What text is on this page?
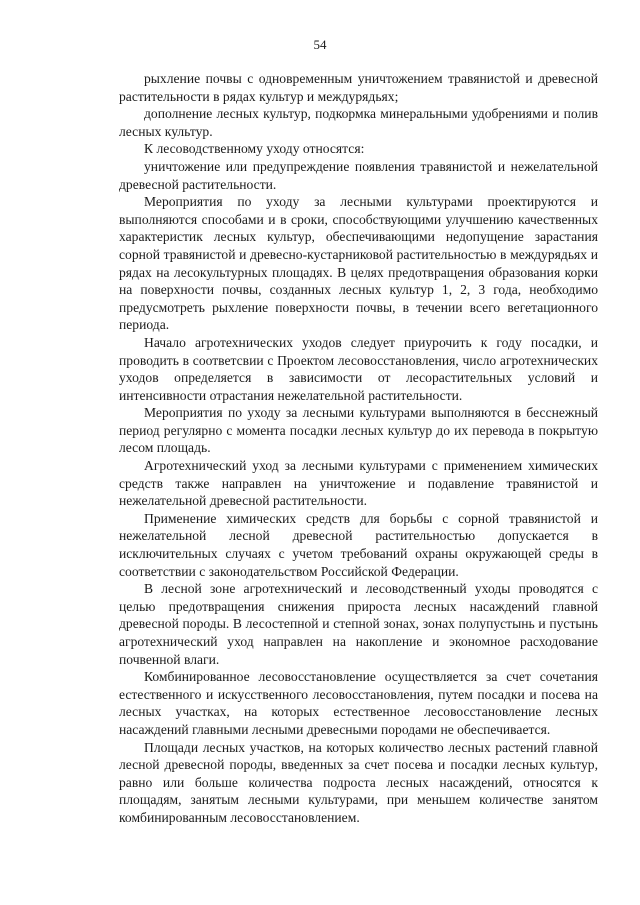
54

рыхление почвы с одновременным уничтожением травянистой и древесной растительности в рядах культур и междурядьях;

дополнение лесных культур, подкормка минеральными удобрениями и полив лесных культур.

К лесоводственному уходу относятся:

уничтожение или предупреждение появления травянистой и нежелательной древесной растительности.

Мероприятия по уходу за лесными культурами проектируются и выполняются способами и в сроки, способствующими улучшению качественных характеристик лесных культур, обеспечивающими недопущение зарастания сорной травянистой и древесно-кустарниковой растительностью в междурядьях и рядах на лесокультурных площадях. В целях предотвращения образования корки на поверхности почвы, созданных лесных культур 1, 2, 3 года, необходимо предусмотреть рыхление поверхности почвы, в течении всего вегетационного периода.

Начало агротехнических уходов следует приурочить к году посадки, и проводить в соответсвии с Проектом лесовосстановления, число агротехнических уходов определяется в зависимости от лесорастительных условий и интенсивности отрастания нежелательной растительности.

Мероприятия по уходу за лесными культурами выполняются в бесснежный период регулярно с момента посадки лесных культур до их перевода в покрытую лесом площадь.

Агротехнический уход за лесными культурами с применением химических средств также направлен на уничтожение и подавление травянистой и нежелательной древесной растительности.

Применение химических средств для борьбы с сорной травянистой и нежелательной лесной древесной растительностью допускается в исключительных случаях с учетом требований охраны окружающей среды в соответствии с законодательством Российской Федерации.

В лесной зоне агротехнический и лесоводственный уходы проводятся с целью предотвращения снижения прироста лесных насаждений главной древесной породы. В лесостепной и степной зонах, зонах полупустынь и пустынь агротехнический уход направлен на накопление и экономное расходование почвенной влаги.

Комбинированное лесовосстановление осуществляется за счет сочетания естественного и искусственного лесовосстановления, путем посадки и посева на лесных участках, на которых естественное лесовосстановление лесных насаждений главными лесными древесными породами не обеспечивается.

Площади лесных участков, на которых количество лесных растений главной лесной древесной породы, введенных за счет посева и посадки лесных культур, равно или больше количества подроста лесных насаждений, относятся к площадям, занятым лесными культурами, при меньшем количестве занятом комбинированным лесовосстановлением.
